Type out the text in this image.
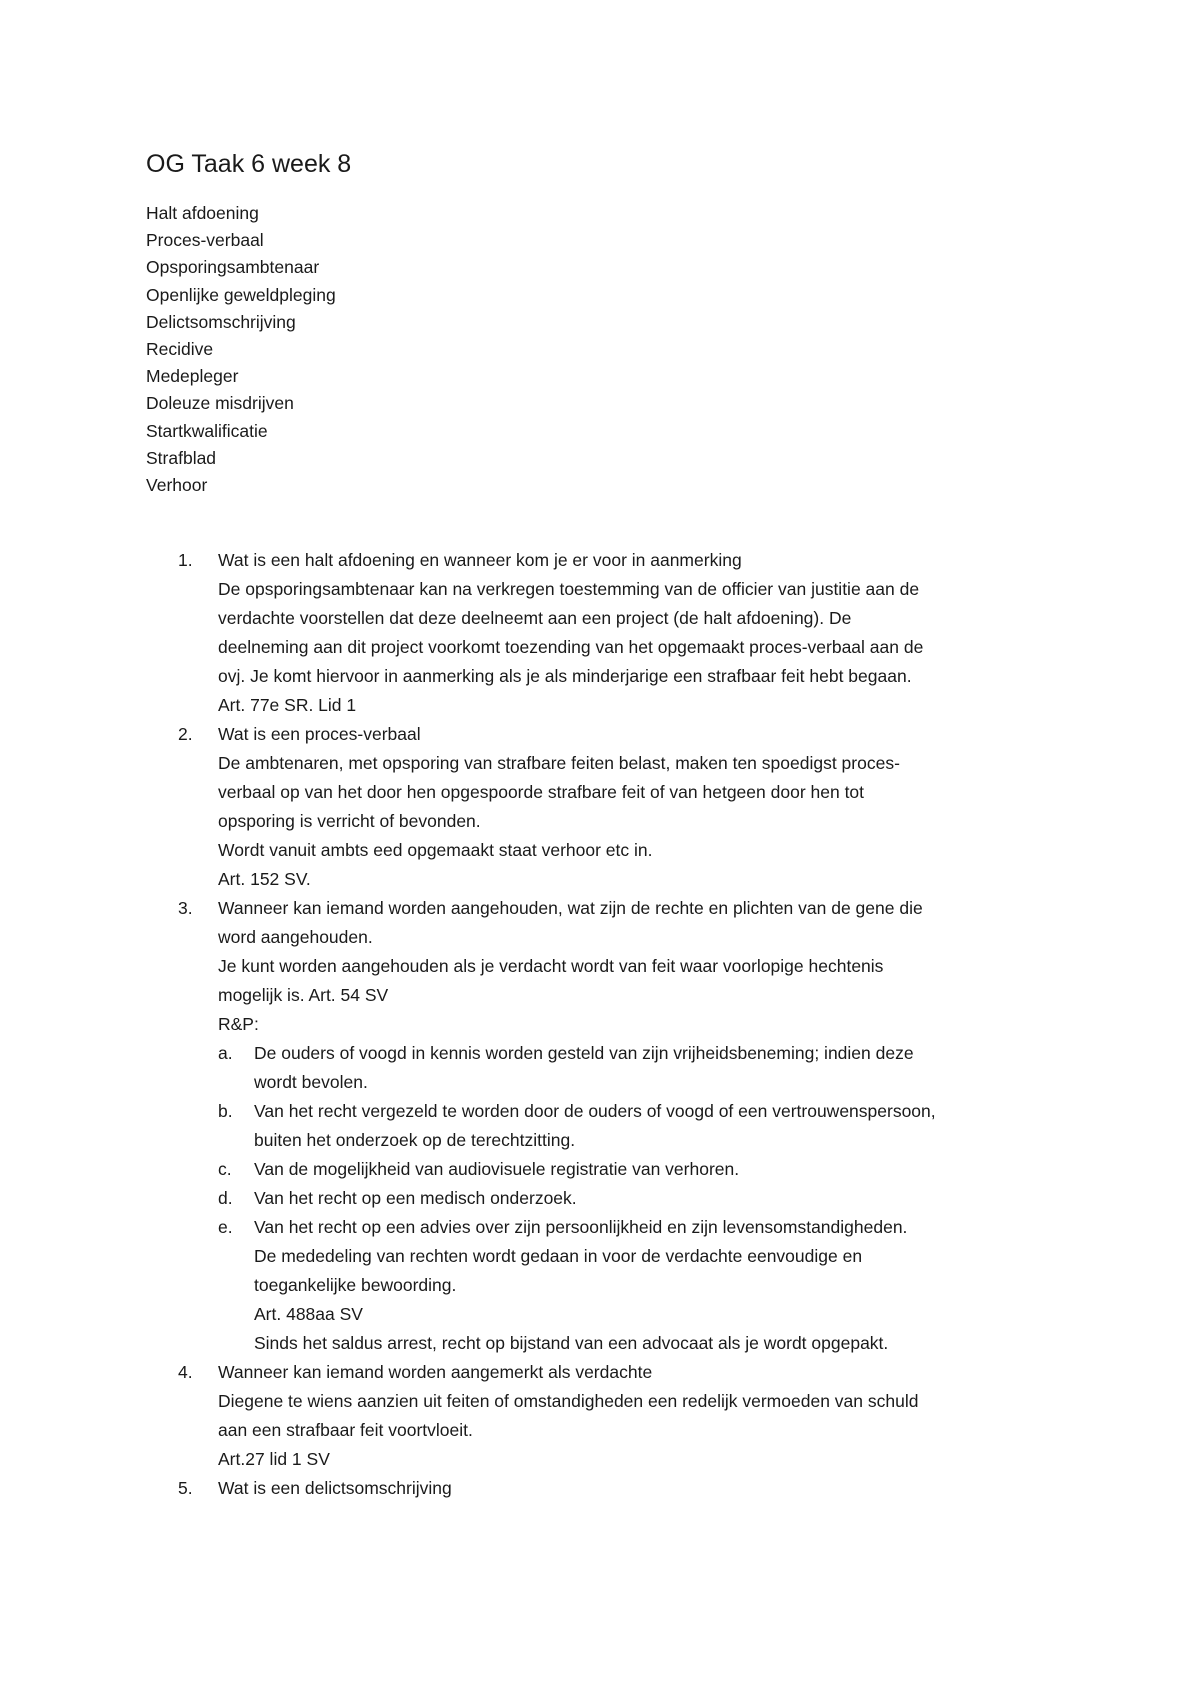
OG Taak 6 week 8
Halt afdoening
Proces-verbaal
Opsporingsambtenaar
Openlijke geweldpleging
Delictsomschrijving
Recidive
Medepleger
Doleuze misdrijven
Startkwalificatie
Strafblad
Verhoor
1. Wat is een halt afdoening en wanneer kom je er voor in aanmerking
De opsporingsambtenaar kan na verkregen toestemming van de officier van justitie aan de
verdachte voorstellen dat deze deelneemt aan een project (de halt afdoening). De
deelneming aan dit project voorkomt toezending van het opgemaakt proces-verbaal aan de
ovj. Je komt hiervoor in aanmerking als je als minderjarige een strafbaar feit hebt begaan.
Art. 77e SR. Lid 1
2. Wat is een proces-verbaal
De ambtenaren, met opsporing van strafbare feiten belast, maken ten spoedigst proces-
verbaal op van het door hen opgespoorde strafbare feit of van hetgeen door hen tot
opsporing is verricht of bevonden.
Wordt vanuit ambts eed opgemaakt staat verhoor etc in.
Art. 152 SV.
3. Wanneer kan iemand worden aangehouden, wat zijn de rechte en plichten van de gene die
word aangehouden.
Je kunt worden aangehouden als je verdacht wordt van feit waar voorlopige hechtenis
mogelijk is. Art. 54 SV
R&P:
a. De ouders of voogd in kennis worden gesteld van zijn vrijheidsbeneming; indien deze
wordt bevolen.
b. Van het recht vergezeld te worden door de ouders of voogd of een vertrouwenspersoon,
buiten het onderzoek op de terechtzitting.
c. Van de mogelijkheid van audiovisuele registratie van verhoren.
d. Van het recht op een medisch onderzoek.
e. Van het recht op een advies over zijn persoonlijkheid en zijn levensomstandigheden.
De mededeling van rechten wordt gedaan in voor de verdachte eenvoudige en
toegankelijke bewoording.
Art. 488aa SV
Sinds het saldus arrest, recht op bijstand van een advocaat als je wordt opgepakt.
4. Wanneer kan iemand worden aangemerkt als verdachte
Diegene te wiens aanzien uit feiten of omstandigheden een redelijk vermoeden van schuld
aan een strafbaar feit voortvloeit.
Art.27 lid 1 SV
5. Wat is een delictsomschrijving
